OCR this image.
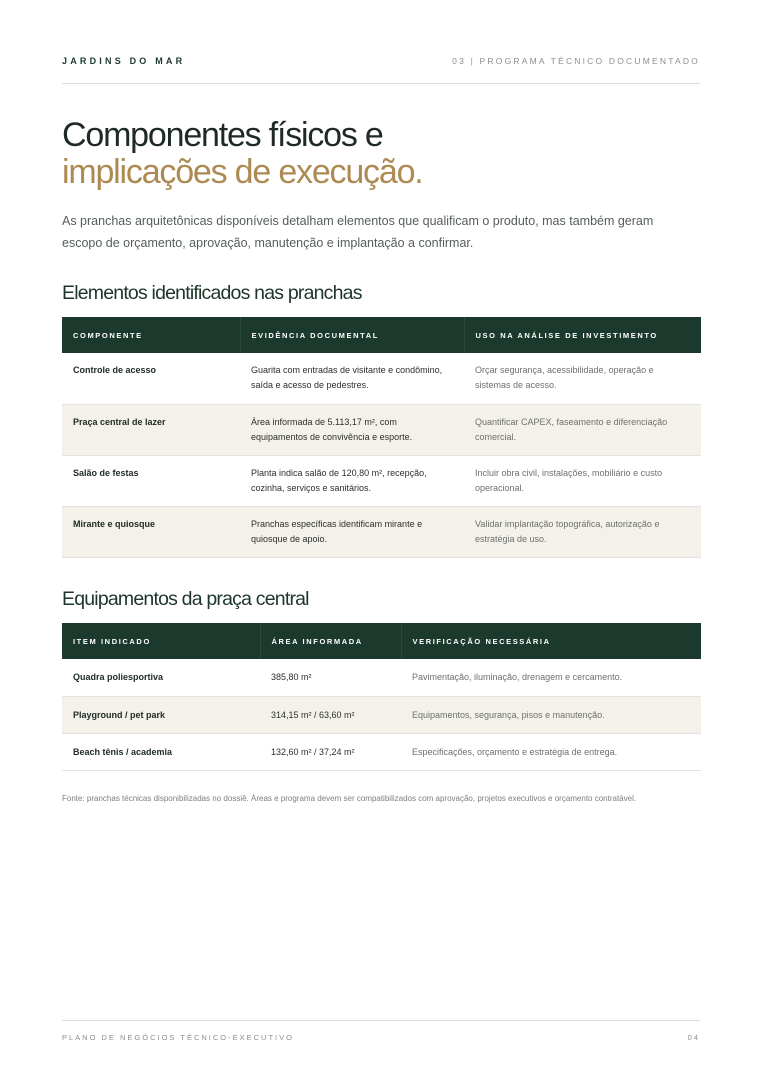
JARDINS DO MAR	03 | PROGRAMA TÉCNICO DOCUMENTADO
Componentes físicos e
implicações de execução.

As pranchas arquitetônicas disponíveis detalham elementos que qualificam o produto, mas também geram escopo de orçamento, aprovação, manutenção e implantação a confirmar.

Elementos identificados nas pranchas
COMPONENTE	EVIDÊNCIA DOCUMENTAL	USO NA ANÁLISE DE INVESTIMENTO
Controle de acesso	Guarita com entradas de visitante e condômino, saída e acesso de pedestres.	Orçar segurança, acessibilidade, operação e sistemas de acesso.
Praça central de lazer	Área informada de 5.113,17 m², com equipamentos de convivência e esporte.	Quantificar CAPEX, faseamento e diferenciação comercial.
Salão de festas	Planta indica salão de 120,80 m², recepção, cozinha, serviços e sanitários.	Incluir obra civil, instalações, mobiliário e custo operacional.
Mirante e quiosque	Pranchas específicas identificam mirante e quiosque de apoio.	Validar implantação topográfica, autorização e estratégia de uso.
Equipamentos da praça central
ITEM INDICADO	ÁREA INFORMADA	VERIFICAÇÃO NECESSÁRIA
Quadra poliesportiva	385,80 m²	Pavimentação, iluminação, drenagem e cercamento.
Playground / pet park	314,15 m² / 63,60 m²	Equipamentos, segurança, pisos e manutenção.
Beach tênis / academia	132,60 m² / 37,24 m²	Especificações, orçamento e estratégia de entrega.

Fonte: pranchas técnicas disponibilizadas no dossiê. Áreas e programa devem ser compatibilizados com aprovação, projetos executivos e orçamento contratável.

PLANO DE NEGÓCIOS TÉCNICO-EXECUTIVO	04
